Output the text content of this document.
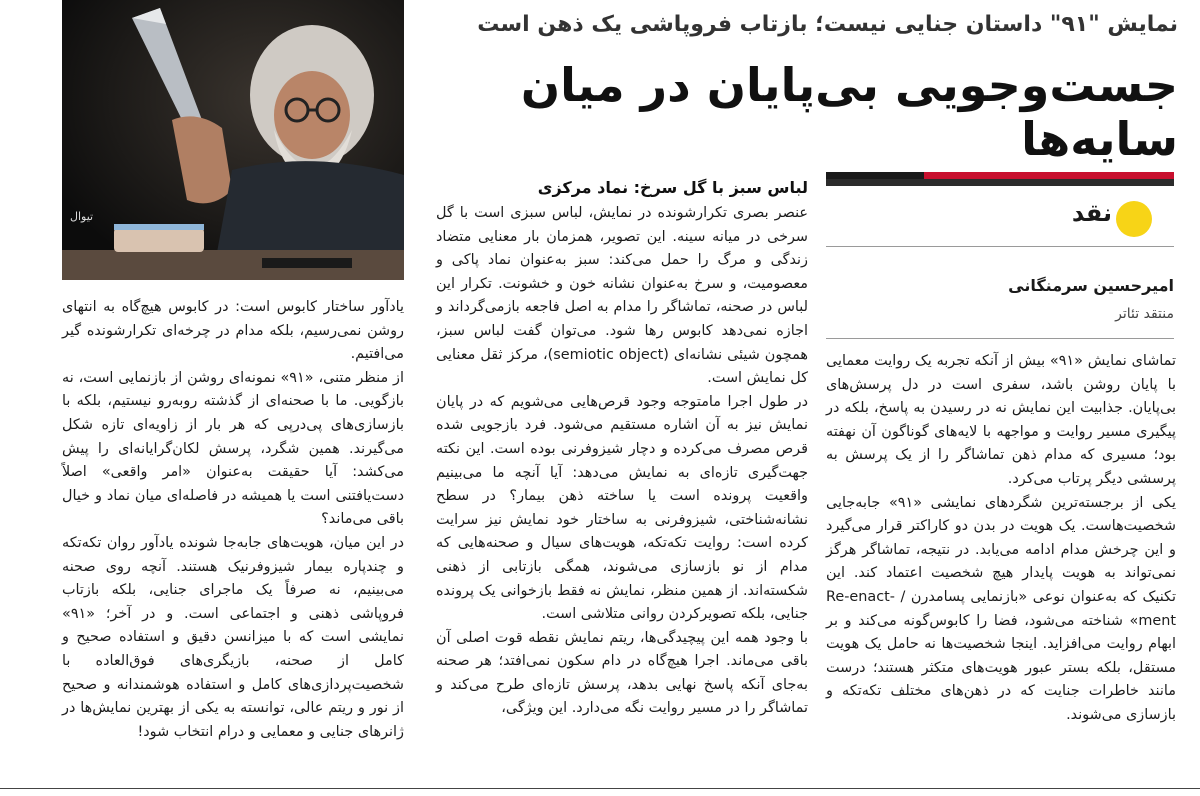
نمایش "۹۱" داستان جنایی نیست؛ بازتاب فروپاشی یک ذهن است
جست‌وجویی بی‌پایان در میان سایه‌ها
تیوال	نقد
امیرحسین سرمنگانی
منتقد تئاتر

تماشای نمایش «۹۱» بیش از آنکه تجربه یک روایت معمایی با پایان روشن باشد، سفری است در دل پرسش‌های بی‌پایان. جذابیت این نمایش نه در رسیدن به پاسخ، بلکه در پیگیری مسیر روایت و مواجهه با لایه‌های گوناگون آن نهفته بود؛ مسیری که مدام ذهن تماشاگر را از یک پرسش به پرسشی دیگر پرتاب می‌کرد.

یکی از برجسته‌ترین شگردهای نمایشی «۹۱» جابه‌جایی شخصیت‌هاست. یک هویت در بدن دو کاراکتر قرار می‌گیرد و این چرخش مدام ادامه می‌یابد. در نتیجه، تماشاگر هرگز نمی‌تواند به هویت پایدار هیچ شخصیت اعتماد کند. این تکنیک که به‌عنوان نوعی «بازنمایی پسامدرن / Re-enact-ment» شناخته می‌شود، فضا را کابوس‌گونه می‌کند و بر ابهام روایت می‌افزاید. اینجا شخصیت‌ها نه حامل یک هویت مستقل، بلکه بستر عبور هویت‌های متکثر هستند؛ درست مانند خاطرات جنایت که در ذهن‌های مختلف تکه‌تکه و بازسازی می‌شوند.

لباس سبز با گل سرخ: نماد مرکزی

عنصر بصری تکرارشونده در نمایش، لباس سبزی است با گل سرخی در میانه سینه. این تصویر، همزمان بار معنایی متضاد زندگی و مرگ را حمل می‌کند: سبز به‌عنوان نماد پاکی و معصومیت، و سرخ به‌عنوان نشانه خون و خشونت. تکرار این لباس در صحنه، تماشاگر را مدام به اصل فاجعه بازمی‌گرداند و اجازه نمی‌دهد کابوس رها شود. می‌توان گفت لباس سبز، همچون شیئی نشانه‌ای (semiotic object)، مرکز ثقل معنایی کل نمایش است.

در طول اجرا مامتوجه وجود قرص‌هایی می‌شویم که در پایان نمایش نیز به آن اشاره مستقیم می‌شود. فرد بازجویی شده قرص مصرف می‌کرده و دچار شیزوفرنی بوده است. این نکته جهت‌گیری تازه‌ای به نمایش می‌دهد: آیا آنچه ما می‌بینیم واقعیت پرونده است یا ساخته ذهن بیمار؟ در سطح نشانه‌شناختی، شیزوفرنی به ساختار خود نمایش نیز سرایت کرده است: روایت تکه‌تکه، هویت‌های سیال و صحنه‌هایی که مدام از نو بازسازی می‌شوند، همگی بازتابی از ذهنی شکسته‌اند. از همین منظر، نمایش نه فقط بازخوانی یک پرونده جنایی، بلکه تصویرکردن روانی متلاشی است.

با وجود همه این پیچیدگی‌ها، ریتم نمایش نقطه قوت اصلی آن باقی می‌ماند. اجرا هیچ‌گاه در دام سکون نمی‌افتد؛ هر صحنه به‌جای آنکه پاسخ نهایی بدهد، پرسش تازه‌ای طرح می‌کند و تماشاگر را در مسیر روایت نگه می‌دارد. این ویژگی،

یادآور ساختار کابوس است: در کابوس هیچ‌گاه به انتهای روشن نمی‌رسیم، بلکه مدام در چرخه‌ای تکرارشونده گیر می‌افتیم.

از منظر متنی، «۹۱» نمونه‌ای روشن از بازنمایی است، نه بازگویی. ما با صحنه‌ای از گذشته روبه‌رو نیستیم، بلکه با بازسازی‌های پی‌درپی که هر بار از زاویه‌ای تازه شکل می‌گیرند. همین شگرد، پرسش لکان‌گرایانه‌ای را پیش می‌کشد: آیا حقیقت به‌عنوان «امر واقعی» اصلاً دست‌یافتنی است یا همیشه در فاصله‌ای میان نماد و خیال باقی می‌ماند؟

در این میان، هویت‌های جابه‌جا شونده یادآور روان تکه‌تکه و چندپاره بیمار شیزوفرنیک هستند. آنچه روی صحنه می‌بینیم، نه صرفاً یک ماجرای جنایی، بلکه بازتاب فروپاشی ذهنی و اجتماعی است. و در آخر؛ «۹۱» نمایشی است که با میزانسن دقیق و استفاده صحیح و کامل از صحنه، بازیگری‌های فوق‌العاده با شخصیت‌پردازی‌های کامل و استفاده هوشمندانه و صحیح از نور و ریتم عالی، توانسته به یکی از بهترین نمایش‌ها در ژانرهای جنایی و معمایی و درام انتخاب شود!
